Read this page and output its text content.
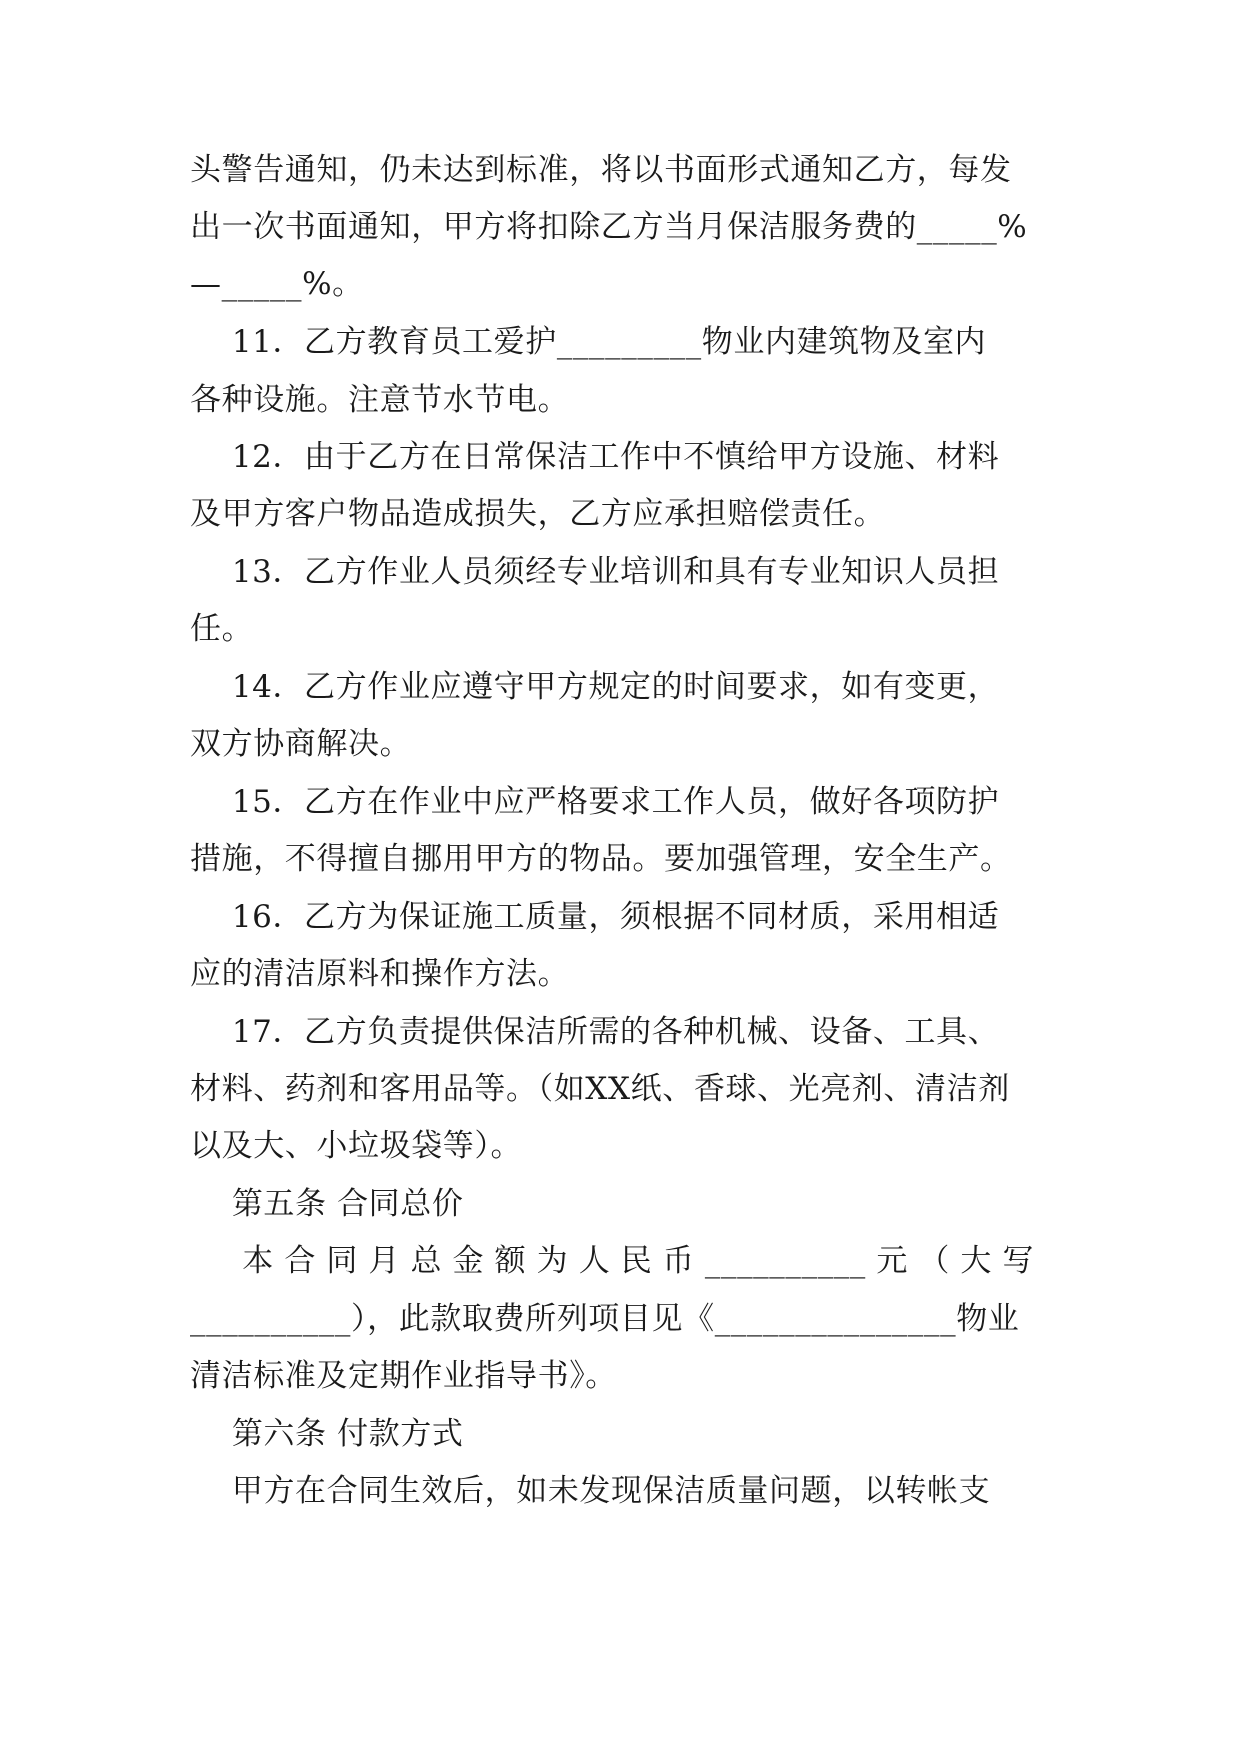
头警告通知，仍未达到标准，将以书面形式通知乙方，每发
出一次书面通知，甲方将扣除乙方当月保洁服务费的_____%
—_____%。
11．乙方教育员工爱护_________物业内建筑物及室内
各种设施。注意节水节电。
12．由于乙方在日常保洁工作中不慎给甲方设施、材料
及甲方客户物品造成损失，乙方应承担赔偿责任。
13．乙方作业人员须经专业培训和具有专业知识人员担
任。
14．乙方作业应遵守甲方规定的时间要求，如有变更，
双方协商解决。
15．乙方在作业中应严格要求工作人员，做好各项防护
措施，不得擅自挪用甲方的物品。要加强管理，安全生产。
16．乙方为保证施工质量，须根据不同材质，采用相适
应的清洁原料和操作方法。
17．乙方负责提供保洁所需的各种机械、设备、工具、
材料、药剂和客用品等。（如XX纸、香球、光亮剂、清洁剂
以及大、小垃圾袋等）。
第五条 合同总价
本 合 同 月 总 金 额 为 人 民 币 __________ 元 （ 大 写
__________），此款取费所列项目见《_______________物业
清洁标准及定期作业指导书》。
第六条 付款方式
甲方在合同生效后，如未发现保洁质量问题，以转帐支
